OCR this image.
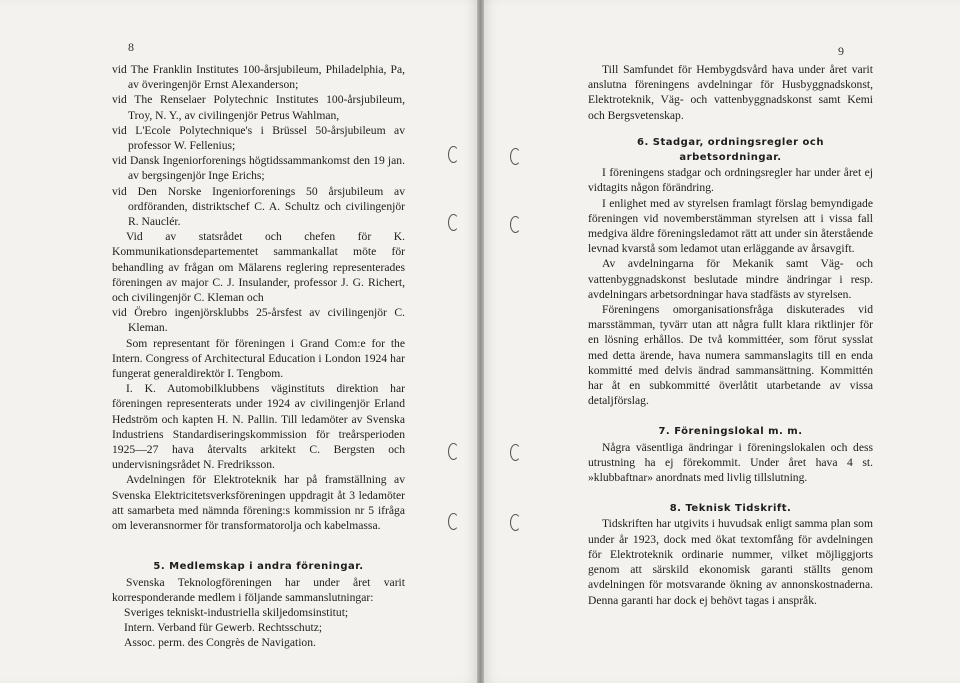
8

vid The Franklin Institutes 100-årsjubileum, Philadelphia, Pa, av överingenjör Ernst Alexanderson;

vid The Renselaer Polytechnic Institutes 100-årsjubileum, Troy, N. Y., av civilingenjör Petrus Wahlman,

vid L'Ecole Polytechnique's i Brüssel 50-årsjubileum av professor W. Fellenius;

vid Dansk Ingeniorforenings högtidssammankomst den 19 jan. av bergsingenjör Inge Erichs;

vid Den Norske Ingeniorforenings 50 årsjubileum av ordföranden, distriktschef C. A. Schultz och civilingenjör R. Nauclér.

Vid av statsrådet och chefen för K. Kommunikationsdepartementet sammankallat möte för behandling av frågan om Mälarens reglering representerades föreningen av major C. J. Insulander, professor J. G. Richert, och civilingenjör C. Kleman och

vid Örebro ingenjörsklubbs 25-årsfest av civilingenjör C. Kleman.

Som representant för föreningen i Grand Com:e for the Intern. Congress of Architectural Education i London 1924 har fungerat generaldirektör I. Tengbom.

I. K. Automobilklubbens väginstituts direktion har föreningen representerats under 1924 av civilingenjör Erland Hedström och kapten H. N. Pallin. Till ledamöter av Svenska Industriens Standardiseringskommission för treårsperioden 1925—27 hava återvalts arkitekt C. Bergsten och undervisningsrådet N. Fredriksson.

Avdelningen för Elektroteknik har på framställning av Svenska Elektricitetsverksföreningen uppdragit åt 3 ledamöter att samarbeta med nämnda förening:s kommission nr 5 ifråga om leveransnormer för transformatorolja och kabelmassa.

5. Medlemskap i andra föreningar.

Svenska Teknologföreningen har under året varit korresponderande medlem i följande sammanslutningar:

Sveriges tekniskt-industriella skiljedomsinstitut;

Intern. Verband für Gewerb. Rechtsschutz;

Assoc. perm. des Congrès de Navigation.

9

Till Samfundet för Hembygdsvård hava under året varit anslutna föreningens avdelningar för Husbyggnadskonst, Elektroteknik, Väg- och vattenbyggnadskonst samt Kemi och Bergsvetenskap.

6. Stadgar, ordningsregler och arbetsordningar.

I föreningens stadgar och ordningsregler har under året ej vidtagits någon förändring.

I enlighet med av styrelsen framlagt förslag bemyndigade föreningen vid novemberstämman styrelsen att i vissa fall medgiva äldre föreningsledamot rätt att under sin återstående levnad kvarstå som ledamot utan erläggande av årsavgift.

Av avdelningarna för Mekanik samt Väg- och vattenbyggnadskonst beslutade mindre ändringar i resp. avdelningars arbetsordningar hava stadfästs av styrelsen.

Föreningens omorganisationsfråga diskuterades vid marsstämman, tyvärr utan att några fullt klara riktlinjer för en lösning erhållos. De två kommittéer, som förut sysslat med detta ärende, hava numera sammanslagits till en enda kommitté med delvis ändrad sammansättning. Kommittén har åt en subkommitté överlåtit utarbetande av vissa detaljförslag.

7. Föreningslokal m. m.

Några väsentliga ändringar i föreningslokalen och dess utrustning ha ej förekommit. Under året hava 4 st. »klubbaftnar» anordnats med livlig tillslutning.

8. Teknisk Tidskrift.

Tidskriften har utgivits i huvudsak enligt samma plan som under år 1923, dock med ökat textomfång för avdelningen för Elektroteknik ordinarie nummer, vilket möjliggjorts genom att särskild ekonomisk garanti ställts genom avdelningen för motsvarande ökning av annonskostnaderna. Denna garanti har dock ej behövt tagas i anspråk.
